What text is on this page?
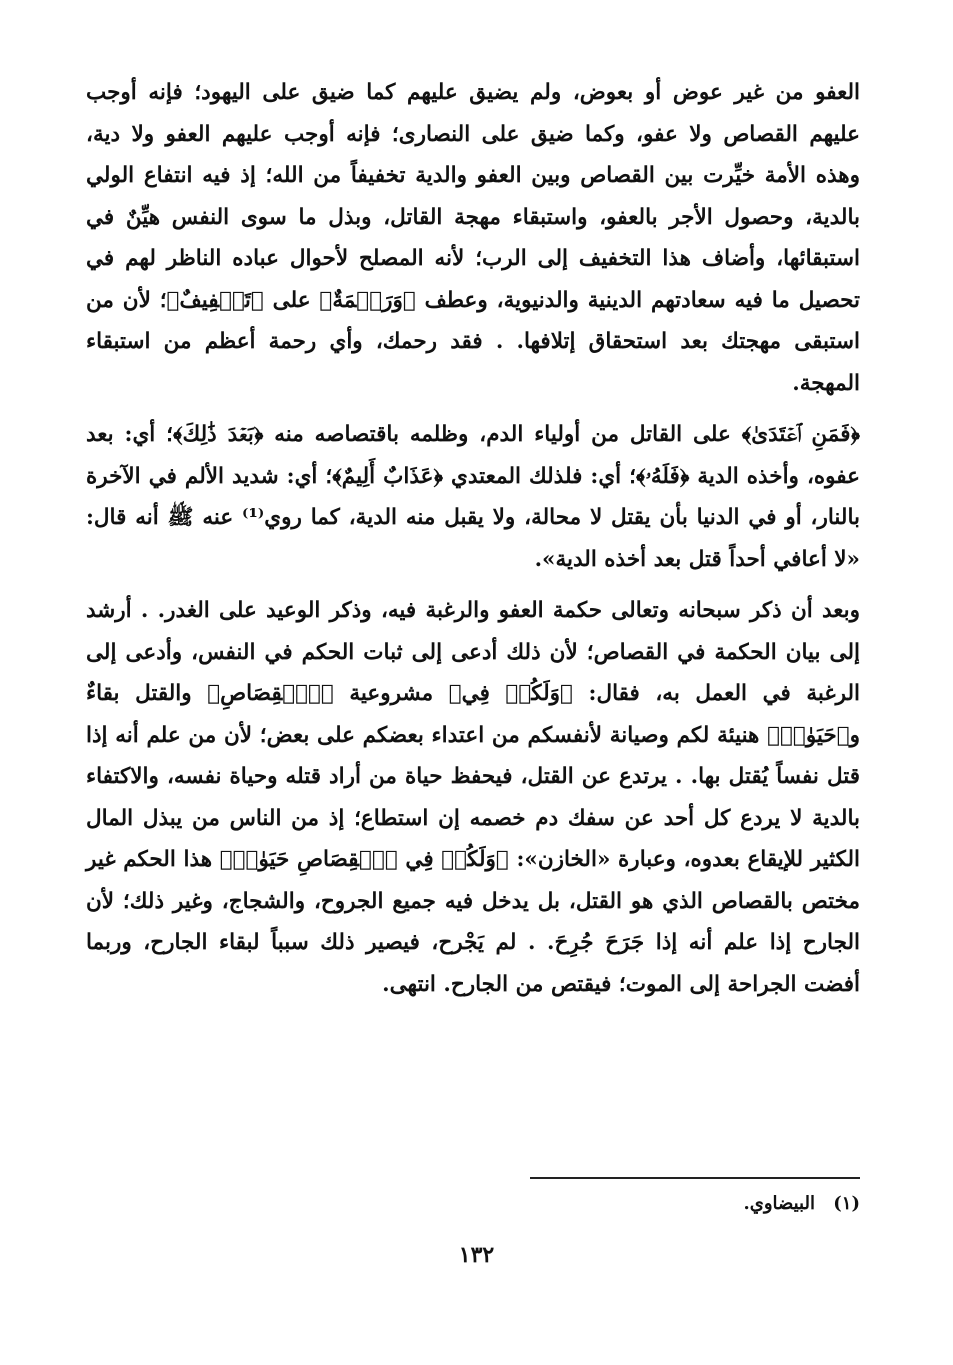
العفو من غير عوض أو بعوض، ولم يضيق عليهم كما ضيق على اليهود؛ فإنه أوجب عليهم القصاص ولا عفو، وكما ضيق على النصارى؛ فإنه أوجب عليهم العفو ولا دية، وهذه الأمة خيِّرت بين القصاص وبين العفو والدية تخفيفاً من الله؛ إذ فيه انتفاع الولي بالدية، وحصول الأجر بالعفو، واستبقاء مهجة القاتل، وبذل ما سوى النفس هيِّنٌ في استبقائها، وأضاف هذا التخفيف إلى الرب؛ لأنه المصلح لأحوال عباده الناظر لهم في تحصيل ما فيه سعادتهم الدينية والدنيوية، وعطف ﴿وَرَحۡمَةٌ﴾ على ﴿تَخۡفِيفٌ﴾؛ لأن من استبقى مهجتك بعد استحقاق إتلافها. . فقد رحمك، وأي رحمة أعظم من استبقاء المهجة.

﴿فَمَنِ ٱعۡتَدَىٰ﴾ على القاتل من أولياء الدم، وظلمه باقتصاصه منه ﴿بَعۡدَ ذَٰلِكَ﴾؛ أي: بعد عفوه، وأخذه الدية ﴿فَلَهُۥ﴾؛ أي: فلذلك المعتدي ﴿عَذَابٌ أَلِيمٌ﴾؛ أي: شديد الألم في الآخرة بالنار، أو في الدنيا بأن يقتل لا محالة، ولا يقبل منه الدية، كما روي⁽¹⁾ عنه ﷺ أنه قال: «لا أعافي أحداً قتل بعد أخذه الدية».

وبعد أن ذكر سبحانه وتعالى حكمة العفو والرغبة فيه، وذكر الوعيد على الغدر. . أرشد إلى بيان الحكمة في القصاص؛ لأن ذلك أدعى إلى ثبات الحكم في النفس، وأدعى إلى الرغبة في العمل به، فقال: ﴿وَلَكُمۡ فِي﴾ مشروعية ﴿ٱلۡقِصَاصِ﴾ والقتل بقاءٌ و﴿حَيَوٰةٞ﴾ هنيئة لكم وصيانة لأنفسكم من اعتداء بعضكم على بعض؛ لأن من علم أنه إذا قتل نفساً يُقتل بها. . يرتدع عن القتل، فيحفظ حياة من أراد قتله وحياة نفسه، والاكتفاء بالدية لا يردع كل أحد عن سفك دم خصمه إن استطاع؛ إذ من الناس من يبذل المال الكثير للإيقاع بعدوه، وعبارة «الخازن»: ﴿وَلَكُمۡ فِي ٱلۡقِصَاصِ حَيَوٰةٞ﴾ هذا الحكم غير مختص بالقصاص الذي هو القتل، بل يدخل فيه جميع الجروح، والشجاج، وغير ذلك؛ لأن الجارح إذا علم أنه إذا جَرَحَ جُرِحَ. . لم يَجْرح، فيصير ذلك سبباً لبقاء الجارح، وربما أفضت الجراحة إلى الموت؛ فيقتص من الجارح. انتهى.

(١) البيضاوي.
١٣٢
